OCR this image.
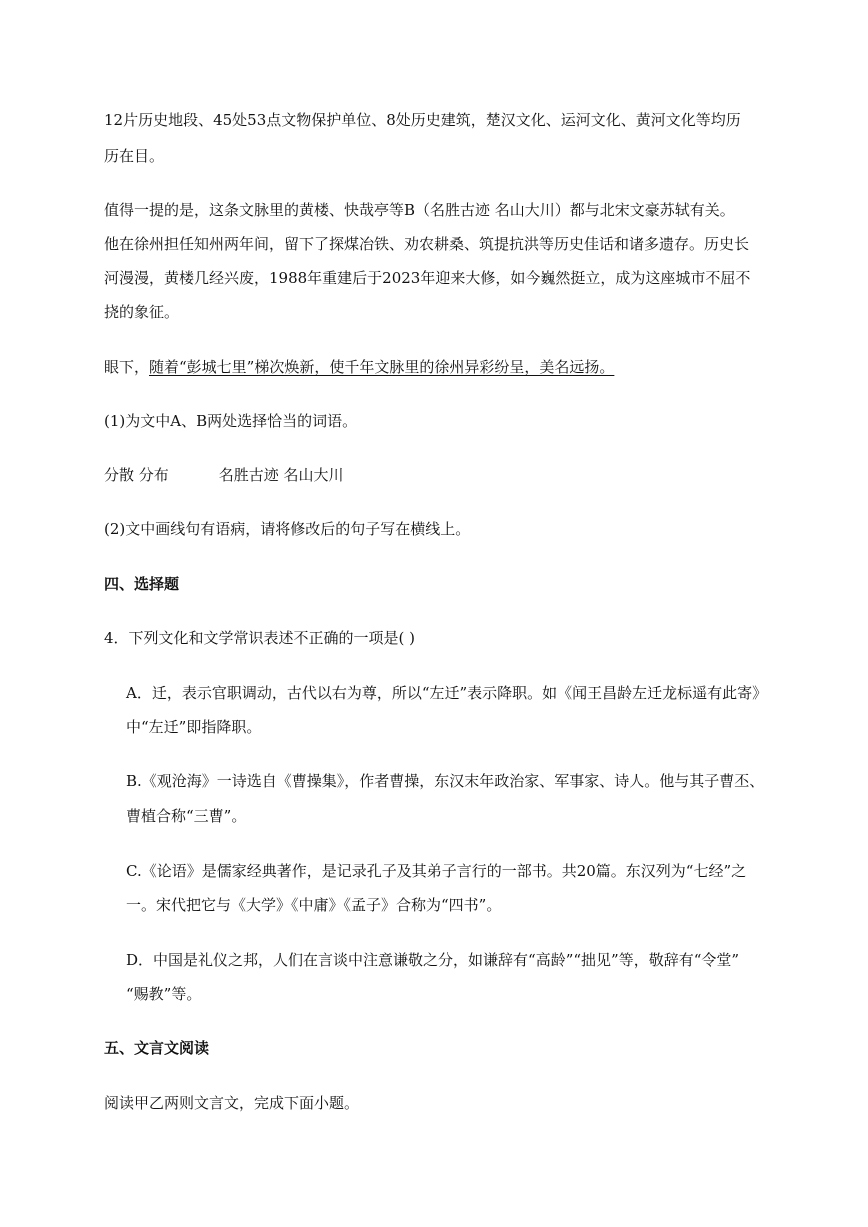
12片历史地段、45处53点文物保护单位、8处历史建筑，楚汉文化、运河文化、黄河文化等均历
历在目。
值得一提的是，这条文脉里的黄楼、快哉亭等B（名胜古迹 名山大川）都与北宋文豪苏轼有关。
他在徐州担任知州两年间，留下了探煤冶铁、劝农耕桑、筑提抗洪等历史佳话和诸多遗存。历史长
河漫漫，黄楼几经兴废，1988年重建后于2023年迎来大修，如今巍然挺立，成为这座城市不屈不
挠的象征。
眼下，随着“彭城七里”梯次焕新，使千年文脉里的徐州异彩纷呈，美名远扬。
(1)为文中A、B两处选择恰当的词语。
分散 分布	名胜古迹 名山大川
(2)文中画线句有语病，请将修改后的句子写在横线上。
四、选择题
4．下列文化和文学常识表述不正确的一项是( )
A．迁，表示官职调动，古代以右为尊，所以“左迁”表示降职。如《闻王昌龄左迁龙标遥有此寄》
中“左迁”即指降职。
B.《观沧海》一诗选自《曹操集》，作者曹操，东汉末年政治家、军事家、诗人。他与其子曹丕、
曹植合称“三曹”。
C.《论语》是儒家经典著作，是记录孔子及其弟子言行的一部书。共20篇。东汉列为“七经”之
一。宋代把它与《大学》《中庸》《孟子》合称为“四书”。
D．中国是礼仪之邦，人们在言谈中注意谦敬之分，如谦辞有“高龄”“拙见”等，敬辞有“令堂”
“赐教”等。
五、文言文阅读
阅读甲乙两则文言文，完成下面小题。
